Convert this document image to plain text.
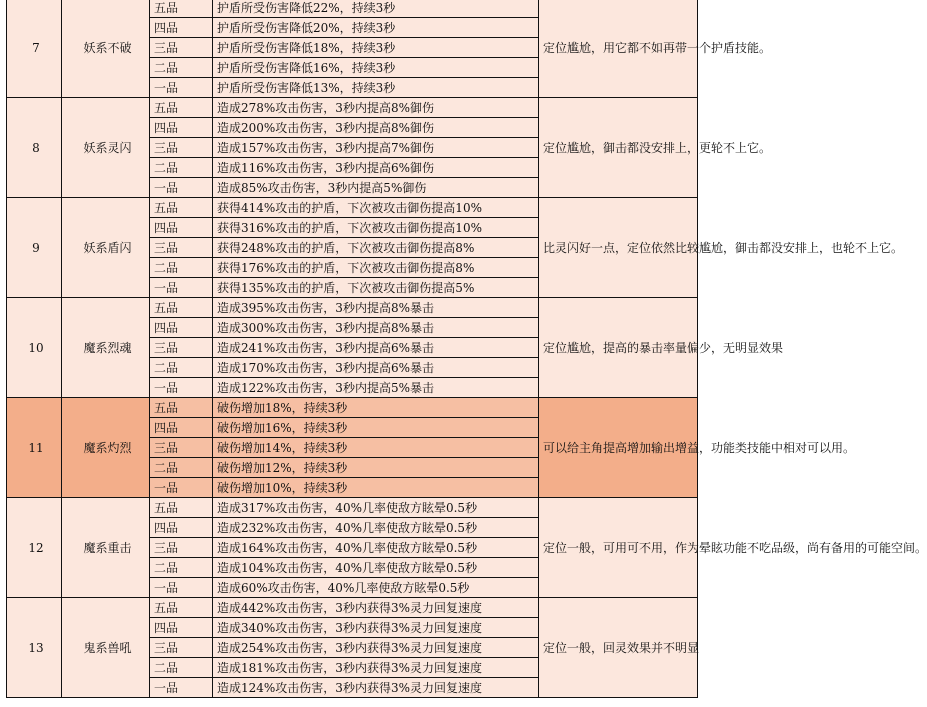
7	妖系不破	五品	护盾所受伤害降低22%，持续3秒	定位尴尬，用它都不如再带一个护盾技能。
		四品	护盾所受伤害降低20%，持续3秒	
		三品	护盾所受伤害降低18%，持续3秒	
		二品	护盾所受伤害降低16%，持续3秒	
		一品	护盾所受伤害降低13%，持续3秒	
8	妖系灵闪	五品	造成278%攻击伤害，3秒内提高8%御伤	定位尴尬，御击都没安排上，更轮不上它。
		四品	造成200%攻击伤害，3秒内提高8%御伤	
		三品	造成157%攻击伤害，3秒内提高7%御伤	
		二品	造成116%攻击伤害，3秒内提高6%御伤	
		一品	造成85%攻击伤害，3秒内提高5%御伤	
9	妖系盾闪	五品	获得414%攻击的护盾，下次被攻击御伤提高10%	比灵闪好一点，定位依然比较尴尬，御击都没安排上，也轮不上它。
		四品	获得316%攻击的护盾，下次被攻击御伤提高10%	
		三品	获得248%攻击的护盾，下次被攻击御伤提高8%	
		二品	获得176%攻击的护盾，下次被攻击御伤提高8%	
		一品	获得135%攻击的护盾，下次被攻击御伤提高5%	
10	魔系烈魂	五品	造成395%攻击伤害，3秒内提高8%暴击	定位尴尬，提高的暴击率量偏少，无明显效果
		四品	造成300%攻击伤害，3秒内提高8%暴击	
		三品	造成241%攻击伤害，3秒内提高6%暴击	
		二品	造成170%攻击伤害，3秒内提高6%暴击	
		一品	造成122%攻击伤害，3秒内提高5%暴击	
11	魔系灼烈	五品	破伤增加18%，持续3秒	可以给主角提高增加输出增益，功能类技能中相对可以用。
		四品	破伤增加16%，持续3秒	
		三品	破伤增加14%，持续3秒	
		二品	破伤增加12%，持续3秒	
		一品	破伤增加10%，持续3秒	
12	魔系重击	五品	造成317%攻击伤害，40%几率使敌方眩晕0.5秒	定位一般，可用可不用，作为晕眩功能不吃品级，尚有备用的可能空间。
		四品	造成232%攻击伤害，40%几率使敌方眩晕0.5秒	
		三品	造成164%攻击伤害，40%几率使敌方眩晕0.5秒	
		二品	造成104%攻击伤害，40%几率使敌方眩晕0.5秒	
		一品	造成60%攻击伤害，40%几率使敌方眩晕0.5秒	
13	鬼系兽吼	五品	造成442%攻击伤害，3秒内获得3%灵力回复速度	定位一般，回灵效果并不明显
		四品	造成340%攻击伤害，3秒内获得3%灵力回复速度	
		三品	造成254%攻击伤害，3秒内获得3%灵力回复速度	
		二品	造成181%攻击伤害，3秒内获得3%灵力回复速度	
		一品	造成124%攻击伤害，3秒内获得3%灵力回复速度	
